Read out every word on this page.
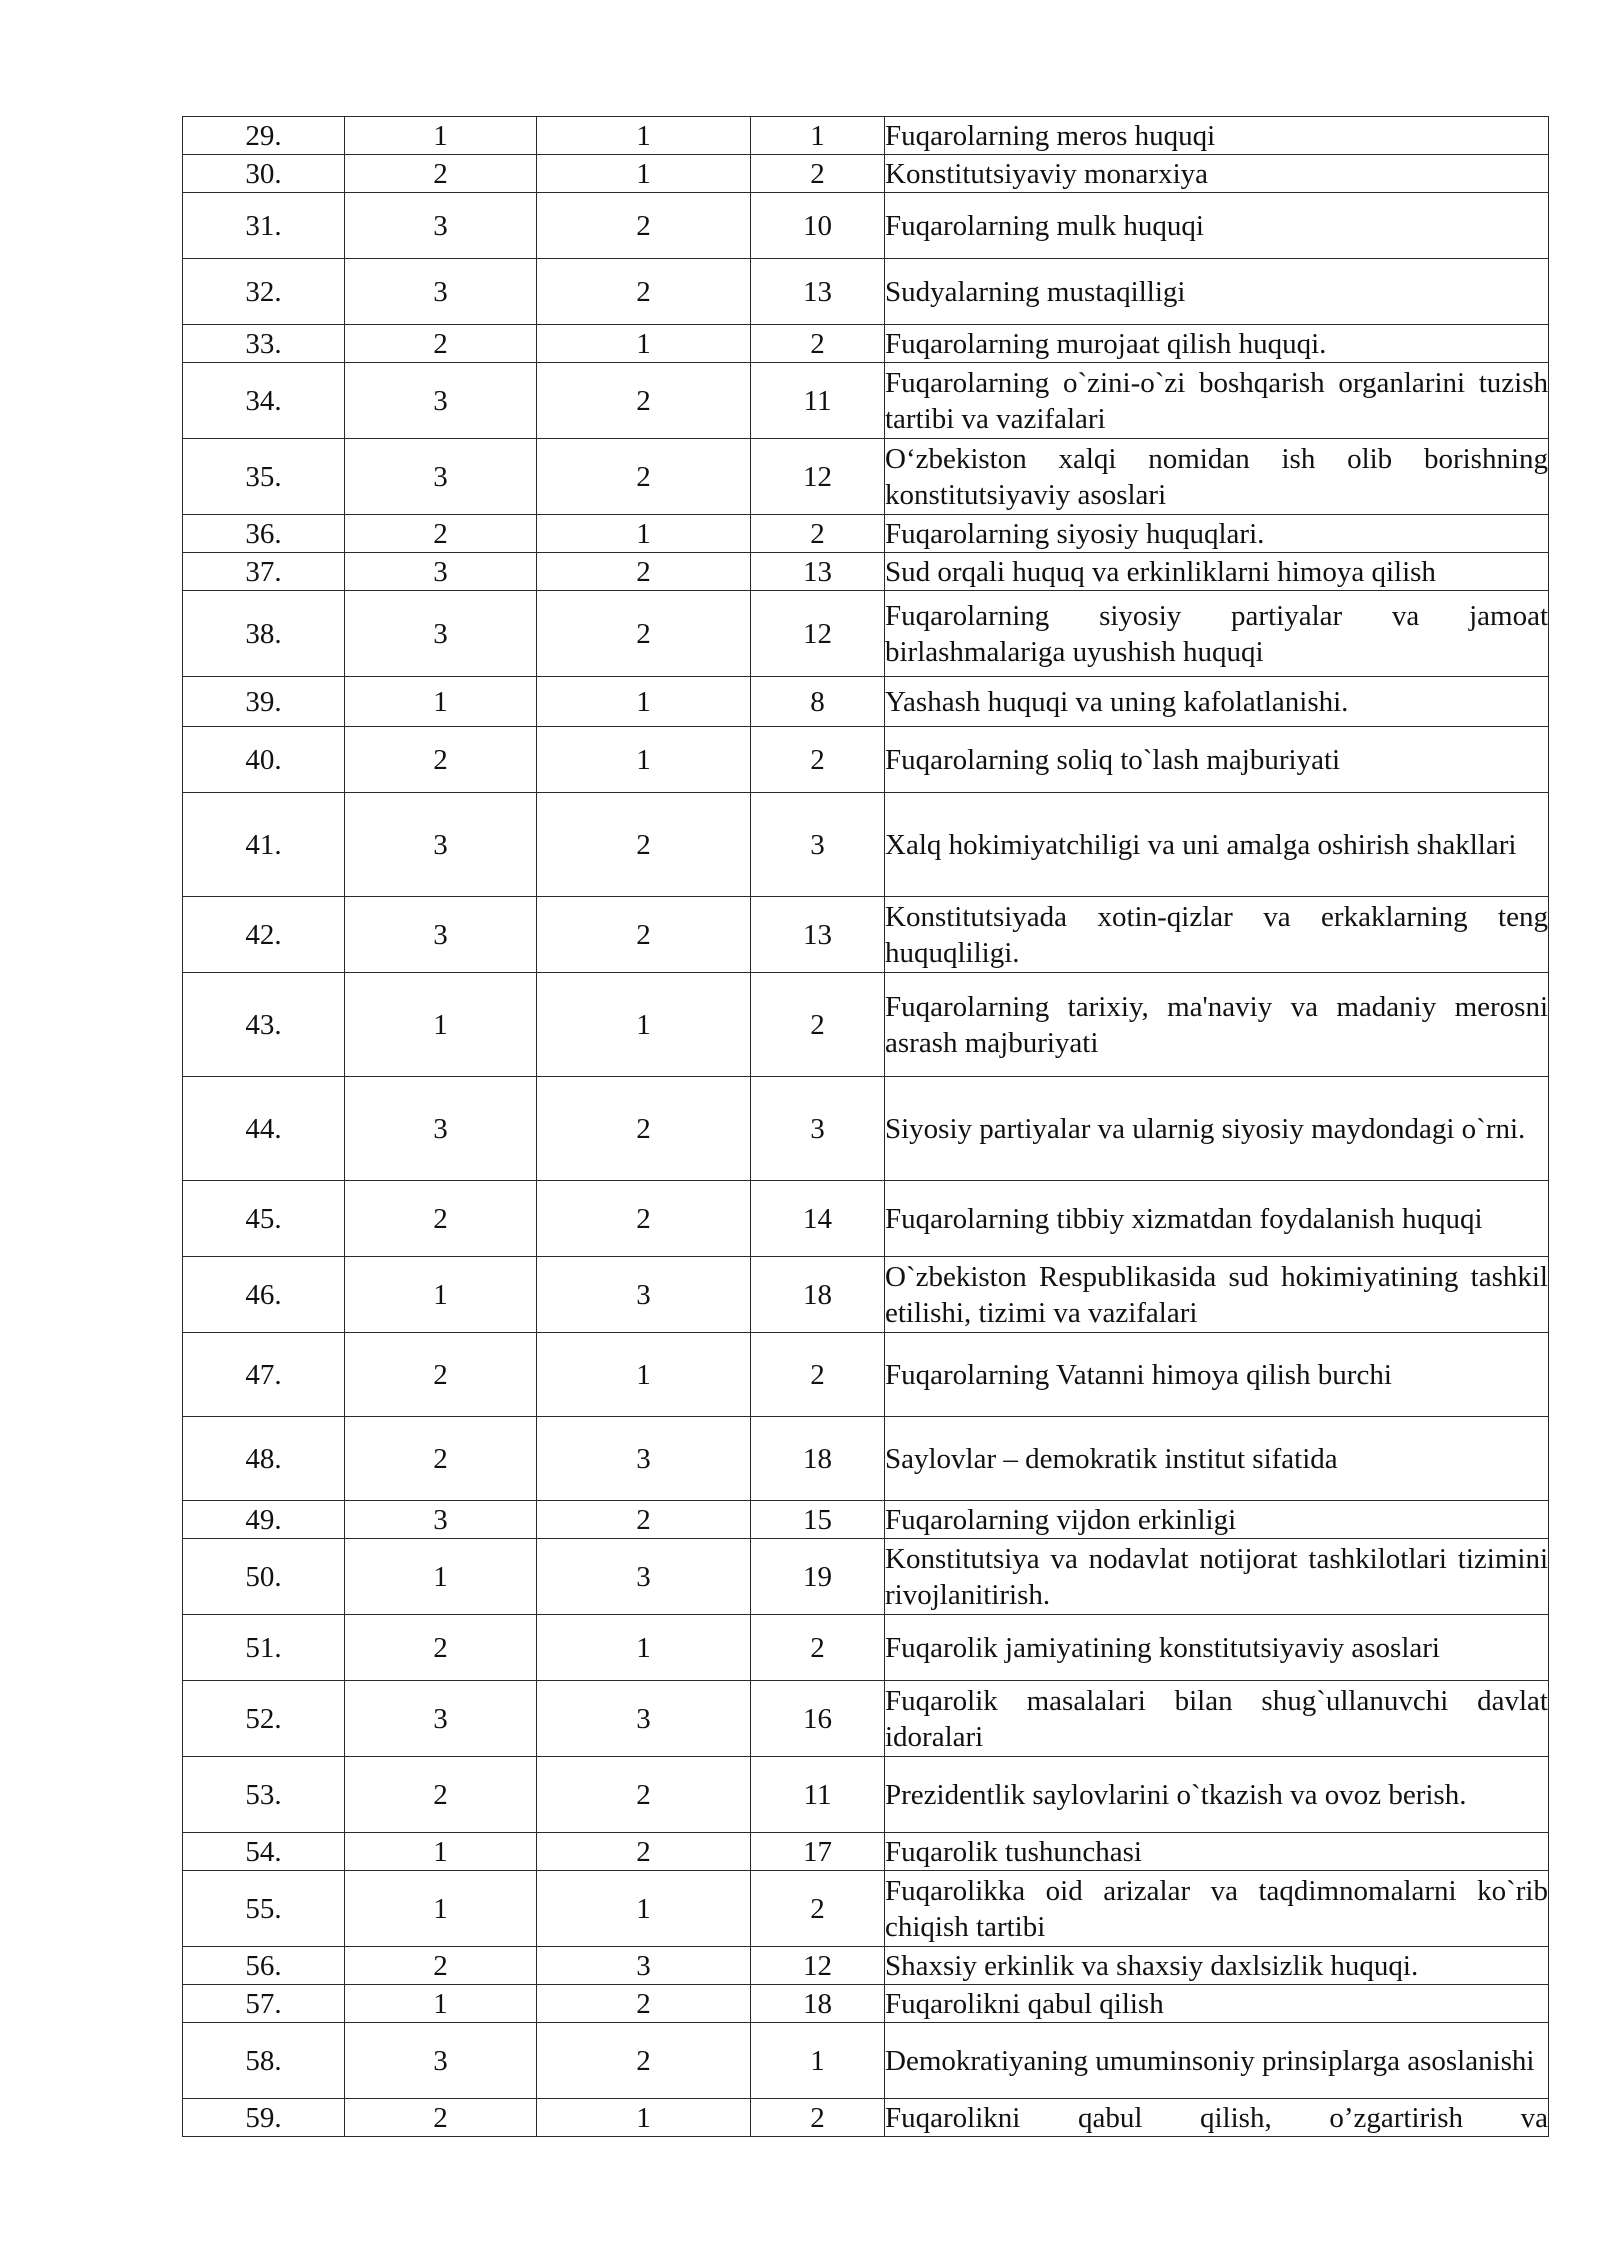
29.	1	1	1	Fuqarolarning meros huquqi
30.	2	1	2	Konstitutsiyaviy monarxiya
31.	3	2	10	Fuqarolarning mulk huquqi
32.	3	2	13	Sudyalarning mustaqilligi
33.	2	1	2	Fuqarolarning murojaat qilish huquqi.
34.	3	2	11	Fuqarolarning o`zini-o`zi boshqarish organlarini tuzish tartibi va vazifalari
35.	3	2	12	O‘zbekiston xalqi nomidan ish olib borishning konstitutsiyaviy asoslari
36.	2	1	2	Fuqarolarning siyosiy huquqlari.
37.	3	2	13	Sud orqali huquq va erkinliklarni himoya qilish
38.	3	2	12	Fuqarolarning siyosiy partiyalar va jamoat birlashmalariga uyushish huquqi
39.	1	1	8	Yashash huquqi va uning kafolatlanishi.
40.	2	1	2	Fuqarolarning soliq to`lash majburiyati
41.	3	2	3	Xalq hokimiyatchiligi va uni amalga oshirish shakllari
42.	3	2	13	Konstitutsiyada xotin-qizlar va erkaklarning teng huquqliligi.
43.	1	1	2	Fuqarolarning tarixiy, ma'naviy va madaniy merosni asrash majburiyati
44.	3	2	3	Siyosiy partiyalar va ularnig siyosiy maydondagi o`rni.
45.	2	2	14	Fuqarolarning tibbiy xizmatdan foydalanish huquqi
46.	1	3	18	O`zbekiston Respublikasida sud hokimiyatining tashkil etilishi, tizimi va vazifalari
47.	2	1	2	Fuqarolarning Vatanni himoya qilish burchi
48.	2	3	18	Saylovlar – demokratik institut sifatida
49.	3	2	15	Fuqarolarning vijdon erkinligi
50.	1	3	19	Konstitutsiya va nodavlat notijorat tashkilotlari tizimini rivojlanitirish.
51.	2	1	2	Fuqarolik jamiyatining konstitutsiyaviy asoslari
52.	3	3	16	Fuqarolik masalalari bilan shug`ullanuvchi davlat idoralari
53.	2	2	11	Prezidentlik saylovlarini o`tkazish va ovoz berish.
54.	1	2	17	Fuqarolik tushunchasi
55.	1	1	2	Fuqarolikka oid arizalar va taqdimnomalarni ko`rib chiqish tartibi
56.	2	3	12	Shaxsiy erkinlik va shaxsiy daxlsizlik huquqi.
57.	1	2	18	Fuqarolikni qabul qilish
58.	3	2	1	Demokratiyaning umuminsoniy prinsiplarga asoslanishi
59.	2	1	2	Fuqarolikni qabul qilish, o’zgartirish va
